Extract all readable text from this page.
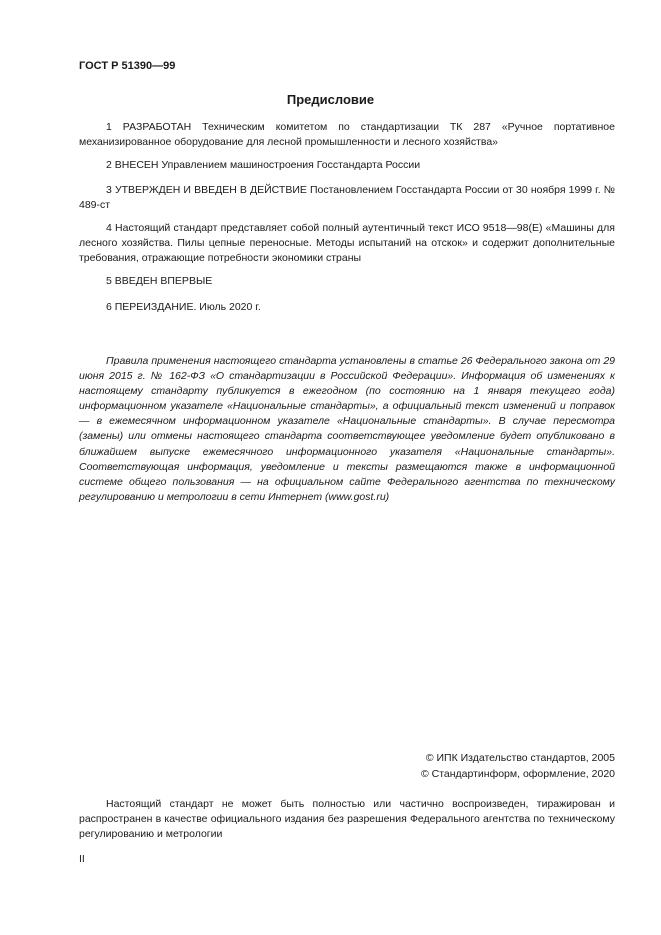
ГОСТ Р 51390—99
Предисловие

1 РАЗРАБОТАН Техническим комитетом по стандартизации ТК 287 «Ручное портативное механизированное оборудование для лесной промышленности и лесного хозяйства»

2 ВНЕСЕН Управлением машиностроения Госстандарта России

3 УТВЕРЖДЕН И ВВЕДЕН В ДЕЙСТВИЕ Постановлением Госстандарта России от 30 ноября 1999 г. № 489-ст

4 Настоящий стандарт представляет собой полный аутентичный текст ИСО 9518—98(Е) «Машины для лесного хозяйства. Пилы цепные переносные. Методы испытаний на отскок» и содержит дополнительные требования, отражающие потребности экономики страны

5 ВВЕДЕН ВПЕРВЫЕ

6 ПЕРЕИЗДАНИЕ. Июль 2020 г.

Правила применения настоящего стандарта установлены в статье 26 Федерального закона от 29 июня 2015 г. № 162-ФЗ «О стандартизации в Российской Федерации». Информация об изменениях к настоящему стандарту публикуется в ежегодном (по состоянию на 1 января текущего года) информационном указателе «Национальные стандарты», а официальный текст изменений и поправок — в ежемесячном информационном указателе «Национальные стандарты». В случае пересмотра (замены) или отмены настоящего стандарта соответствующее уведомление будет опубликовано в ближайшем выпуске ежемесячного информационного указателя «Национальные стандарты». Соответствующая информация, уведомление и тексты размещаются также в информационной системе общего пользования — на официальном сайте Федерального агентства по техническому регулированию и метрологии в сети Интернет (www.gost.ru)

© ИПК Издательство стандартов, 2005
© Стандартинформ, оформление, 2020

Настоящий стандарт не может быть полностью или частично воспроизведен, тиражирован и распространен в качестве официального издания без разрешения Федерального агентства по техническому регулированию и метрологии

II
